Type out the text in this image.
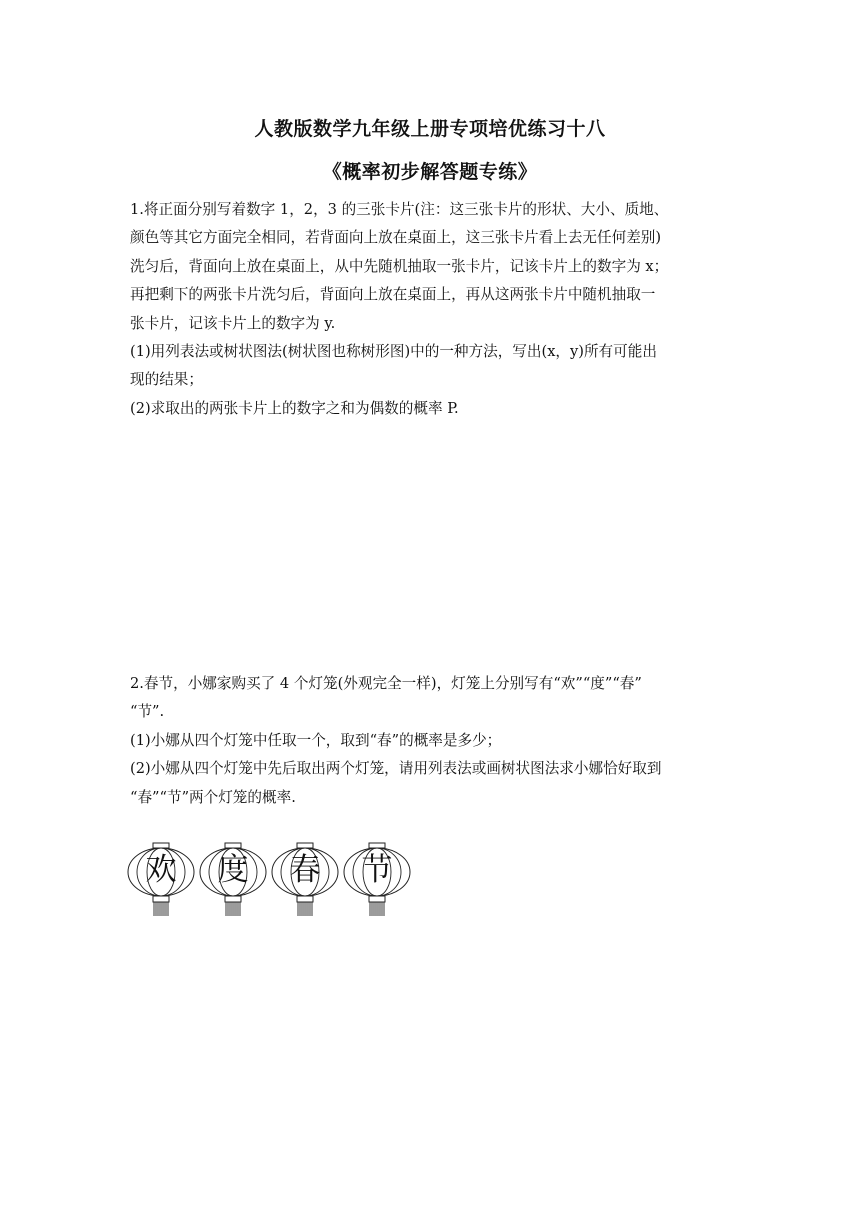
人教版数学九年级上册专项培优练习十八
《概率初步解答题专练》
1.将正面分别写着数字 1，2，3 的三张卡片(注：这三张卡片的形状、大小、质地、
颜色等其它方面完全相同，若背面向上放在桌面上，这三张卡片看上去无任何差别)
洗匀后，背面向上放在桌面上，从中先随机抽取一张卡片，记该卡片上的数字为 x；
再把剩下的两张卡片洗匀后，背面向上放在桌面上，再从这两张卡片中随机抽取一
张卡片，记该卡片上的数字为 y.
(1)用列表法或树状图法(树状图也称树形图)中的一种方法，写出(x，y)所有可能出
现的结果；
(2)求取出的两张卡片上的数字之和为偶数的概率 P.
2.春节，小娜家购买了 4 个灯笼(外观完全一样)，灯笼上分别写有“欢”“度”“春”
“节”.
(1)小娜从四个灯笼中任取一个，取到“春”的概率是多少；
(2)小娜从四个灯笼中先后取出两个灯笼，请用列表法或画树状图法求小娜恰好取到
“春”“节”两个灯笼的概率.
欢	度	春	节
